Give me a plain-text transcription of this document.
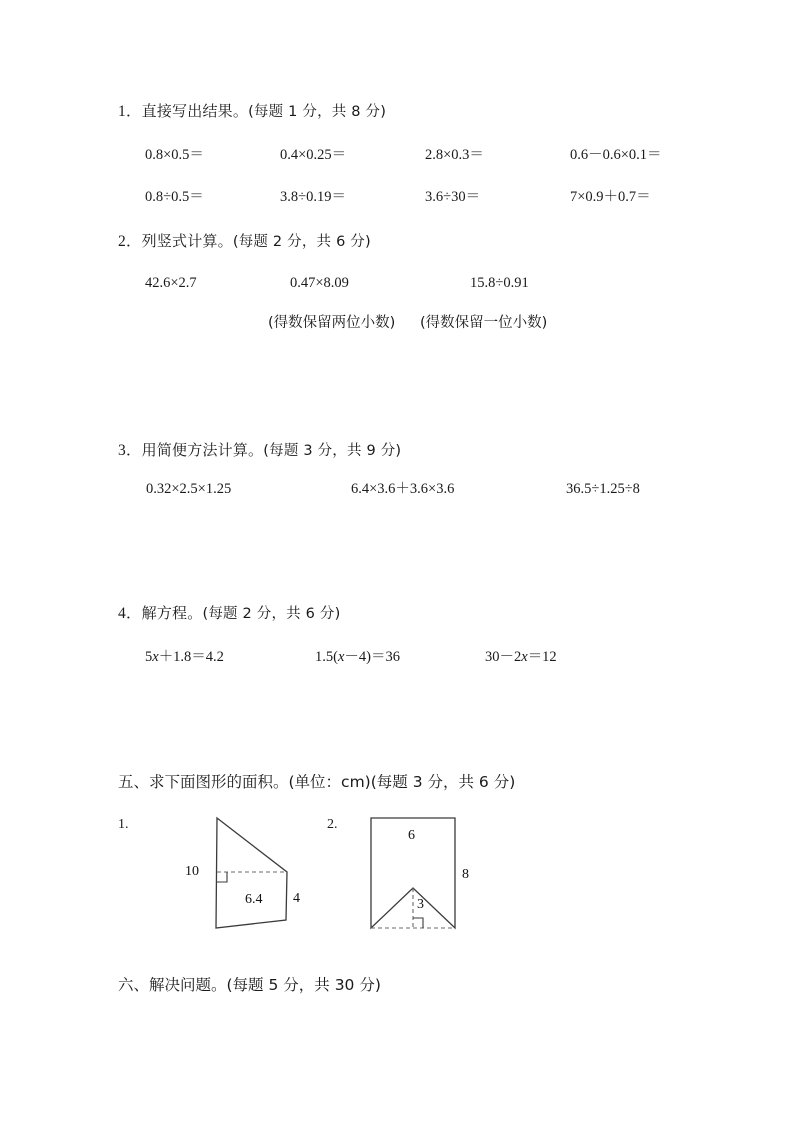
1．直接写出结果。(每题 1 分，共 8 分)
0.8×0.5＝	0.4×0.25＝	2.8×0.3＝	0.6－0.6×0.1＝
0.8÷0.5＝	3.8÷0.19＝	3.6÷30＝	7×0.9＋0.7＝
2．列竖式计算。(每题 2 分，共 6 分)
42.6×2.7	0.47×8.09	15.8÷0.91
(得数保留两位小数) (得数保留一位小数)
3．用简便方法计算。(每题 3 分，共 9 分)
0.32×2.5×1.25	6.4×3.6＋3.6×3.6	36.5÷1.25÷8
4．解方程。(每题 2 分，共 6 分)
5x＋1.8＝4.2	1.5(x－4)＝36	30－2x＝12
五、求下面图形的面积。(单位：cm)(每题 3 分，共 6 分)
1.
10
6.4 4
2.
6
8
3
六、解决问题。(每题 5 分，共 30 分)
